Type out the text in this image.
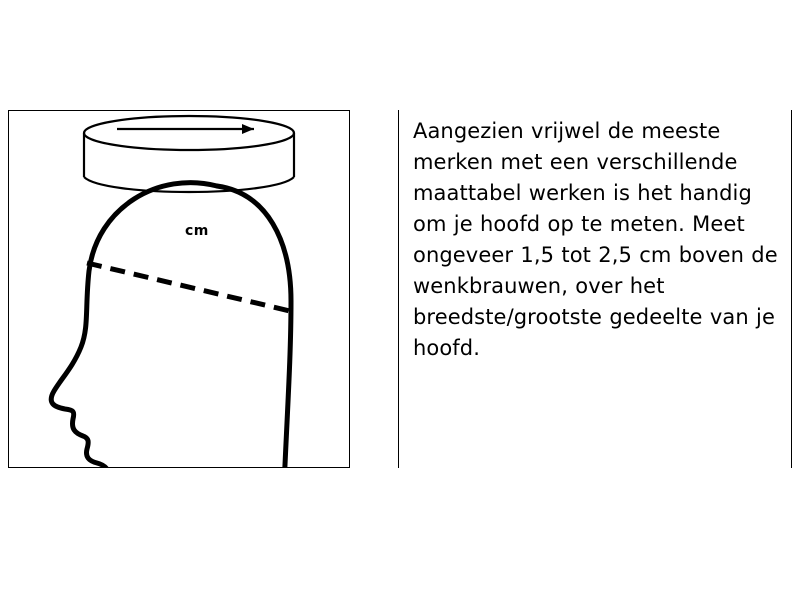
cm
Aangezien vrijwel de meeste merken met een verschillende maattabel werken is het handig om je hoofd op te meten. Meet ongeveer 1,5 tot 2,5 cm boven de wenkbrauwen, over het breedste/grootste gedeelte van je hoofd.
